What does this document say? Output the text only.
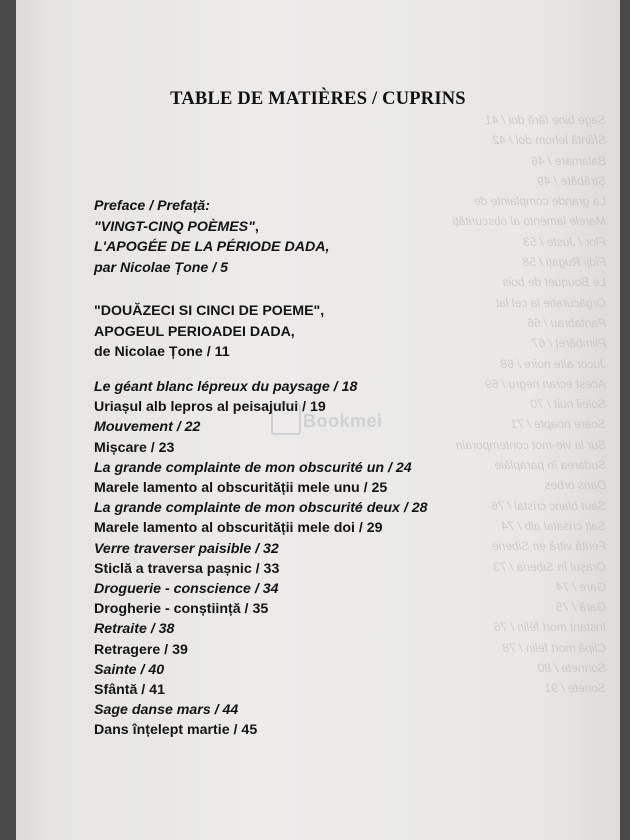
Sage bine fără doi / 41
Sfântă lehom dol / 42
Balamare / 46
Ștrăbăte / 49
La grande complainte de
Marele lamento al obscurități
Flor / Juste / 53
Fidji Rugați / 58
Le Bouquet de bois
Orgăcuratie la cel lat
Pantabrau / 66
Plimbăreț / 67
Jucor alte noire / 68
Acest ecran negru / 69
Soleil nuit / 70
Soare noapte / 71
Sur la vie-mot contemporain
Sudarea în paraplăie
Dans orbes
Saut blanc cristal / 76
Salt crisatal alb / 74
Ferită vitră en Siberie
Oraşul în Siberia / 73
Gare / 74
Gară / 75
Instant mort félin / 76
Clipă mort felin / 78
Sonnete / 80
Sonete / 91
TABLE DE MATIÈRES / CUPRINS
Preface / Prefață:
"VINGT-CINQ POÈMES",
L'APOGÉE DE LA PÉRIODE DADA,
par Nicolae Țone / 5
"DOUĂZECI SI CINCI DE POEME",
APOGEUL PERIOADEI DADA,
de Nicolae Țone / 11
Le géant blanc lépreux du paysage / 18
Uriașul alb lepros al peisajului / 19
Mouvement / 22
Mișcare / 23
La grande complainte de mon obscurité un / 24
Marele lamento al obscurității mele unu / 25
La grande complainte de mon obscurité deux / 28
Marele lamento al obscurității mele doi / 29
Verre traverser paisible / 32
Sticlă a traversa pașnic / 33
Droguerie - conscience / 34
Drogherie - conștiință / 35
Retraite / 38
Retragere / 39
Sainte / 40
Sfântă / 41
Sage danse mars / 44
Dans înțelept martie / 45
Bookmei
